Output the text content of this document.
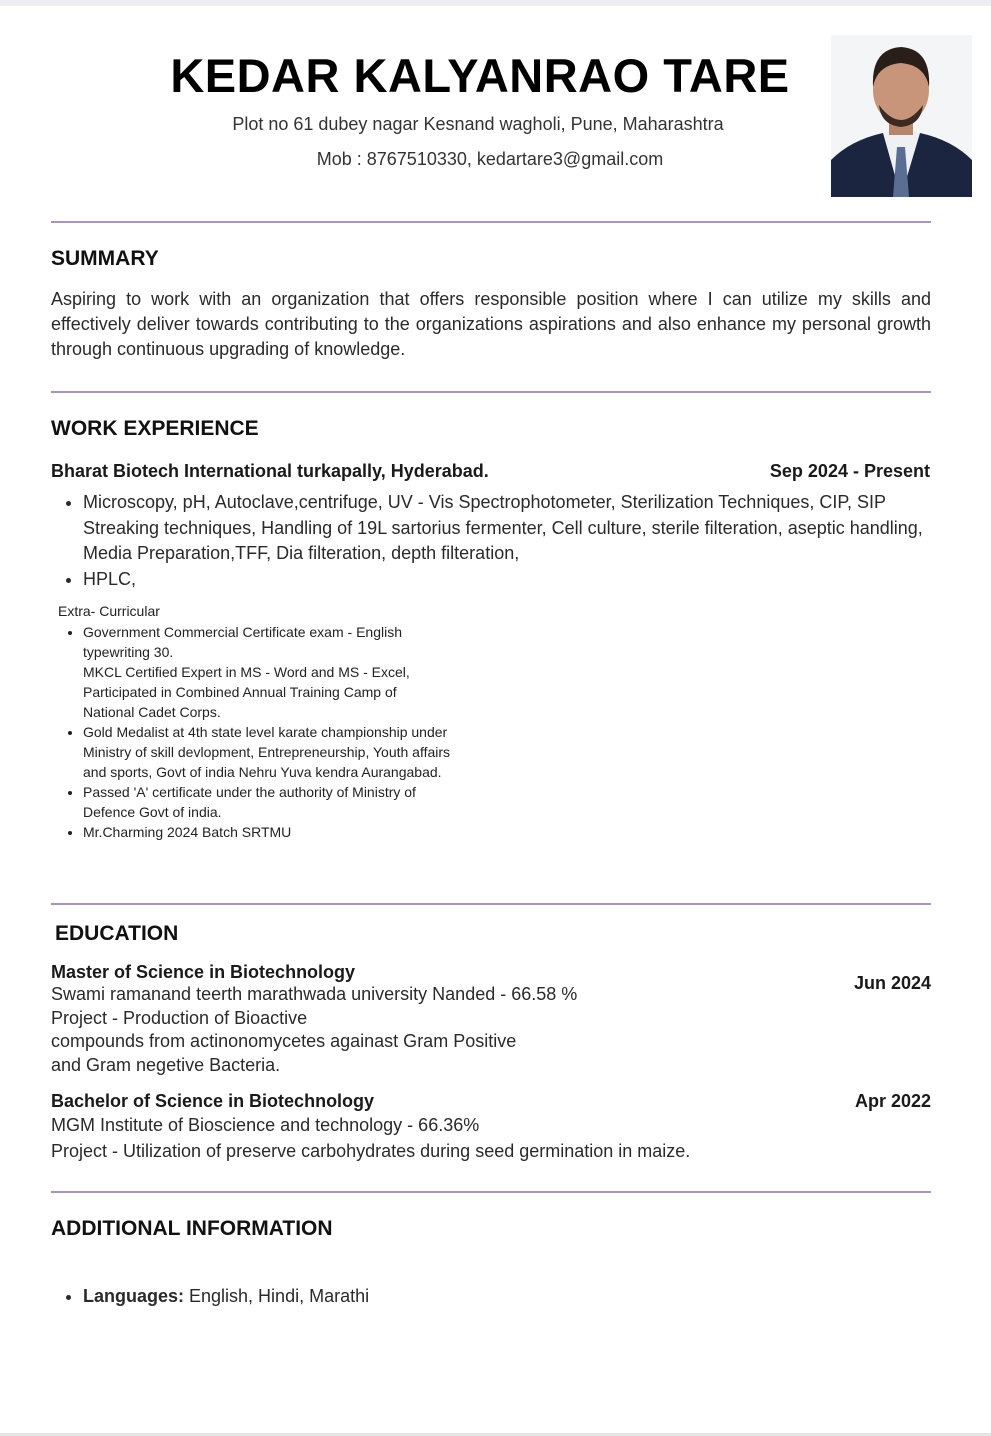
KEDAR KALYANRAO TARE
Plot no 61 dubey nagar Kesnand wagholi, Pune, Maharashtra
Mob : 8767510330, kedartare3@gmail.com
SUMMARY
Aspiring to work with an organization that offers responsible position where I can utilize my skills and effectively deliver towards contributing to the organizations aspirations and also enhance my personal growth through continuous upgrading of knowledge.
WORK EXPERIENCE
Bharat Biotech International turkapally, Hyderabad.	Sep 2024 - Present
• Microscopy, pH, Autoclave,centrifuge, UV - Vis Spectrophotometer, Sterilization Techniques, CIP, SIP Streaking techniques, Handling of 19L sartorius fermenter, Cell culture, sterile filteration, aseptic handling, Media Preparation,TFF, Dia filteration, depth filteration,
• HPLC,
Extra- Curricular
• Government Commercial Certificate exam - English typewriting 30.
MKCL Certified Expert in MS - Word and MS - Excel, Participated in Combined Annual Training Camp of National Cadet Corps.
• Gold Medalist at 4th state level karate championship under Ministry of skill devlopment, Entrepreneurship, Youth affairs and sports, Govt of india Nehru Yuva kendra Aurangabad.
• Passed 'A' certificate under the authority of Ministry of Defence Govt of india.
• Mr.Charming 2024 Batch SRTMU
EDUCATION
Jun 2024
Master of Science in Biotechnology
Swami ramanand teerth marathwada university Nanded - 66.58 %
Project - Production of Bioactive
compounds from actinonomycetes againast Gram Positive
and Gram negetive Bacteria.
Apr 2022
Bachelor of Science in Biotechnology
MGM Institute of Bioscience and technology - 66.36%
Project - Utilization of preserve carbohydrates during seed germination in maize.
ADDITIONAL INFORMATION
• Languages: English, Hindi, Marathi
